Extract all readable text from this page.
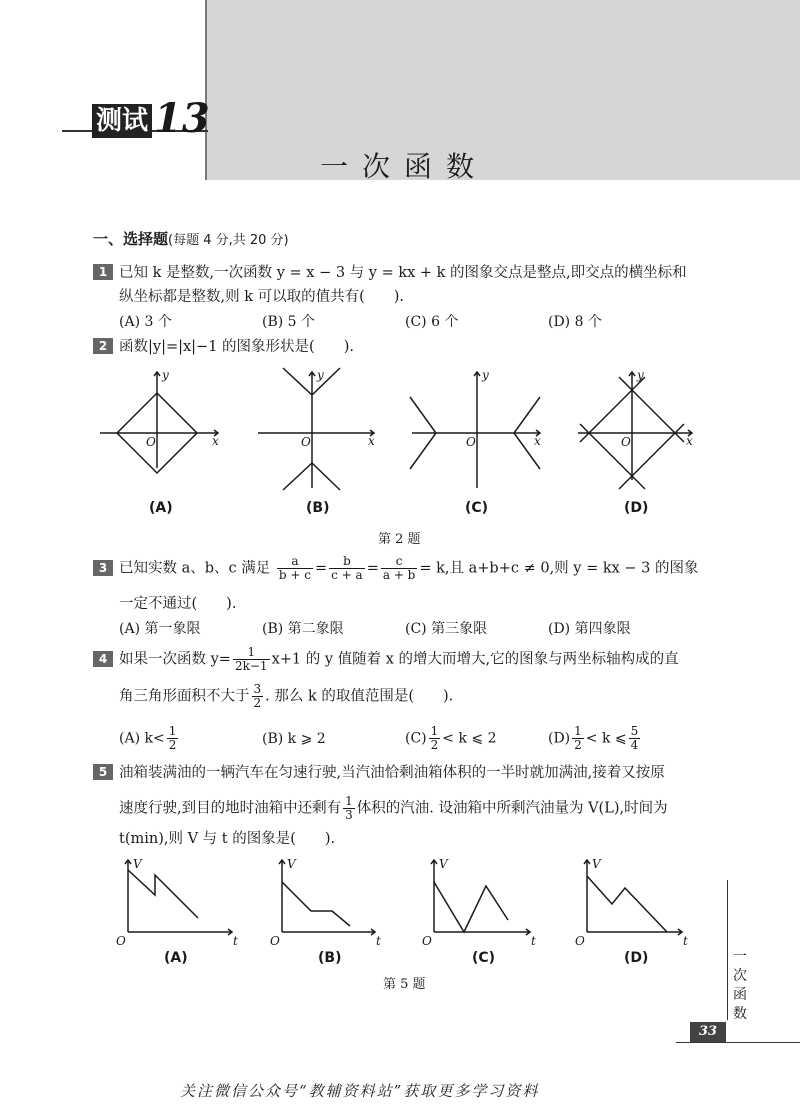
测试 13
一次函数
一、选择题(每题 4 分,共 20 分)
1 已知 k 是整数,一次函数 y = x − 3 与 y = kx + k 的图象交点是整点,即交点的横坐标和
纵坐标都是整数,则 k 可以取的值共有(　　).
(A) 3 个	(B) 5 个	(C) 6 个	(D) 8 个
2 函数|y|=|x|−1 的图象形状是(　　).
y
x
O
y
x
O
y
x
O
y
x
O
(A)	(B)	(C)	(D)
第 2 题
3 已知实数 a、b、c 满足 $\frac{a}{b + c} = \frac{b}{c + a} = \frac{c}{a + b} = k$,且 a+b+c ≠ 0,则 y = kx − 3 的图象
一定不通过(　　).
(A) 第一象限	(B) 第二象限	(C) 第三象限	(D) 第四象限
4 如果一次函数 $y= \frac{1}{2k-1} x+1$ 的 y 值随着 x 的增大而增大,它的图象与两坐标轴构成的直
角三角形面积不大于 $\frac{3}{2}$ . 那么 k 的取值范围是(　　).
(A) $k< \frac{1}{2}$	(B) k ⩾ 2	$(C) \frac{1}{2} < k$ ⩽ 2	$(D) \frac{1}{2} < k$ ⩽ $\frac{5}{4}$
5 油箱装满油的一辆汽车在匀速行驶,当汽油恰剩油箱体积的一半时就加满油,接着又按原
速度行驶,到目的地时油箱中还剩有 $\frac{1}{3}$ 体积的汽油. 设油箱中所剩汽油量为 V(L),时间为
t(min),则 V 与 t 的图象是(　　).
V
t
O
V
t
O
V
t
O
V
t
O
(A)	(B)	(C)	(D)
第 5 题
一次函数
33
关注微信公众号“教辅资料站”获取更多学习资料
